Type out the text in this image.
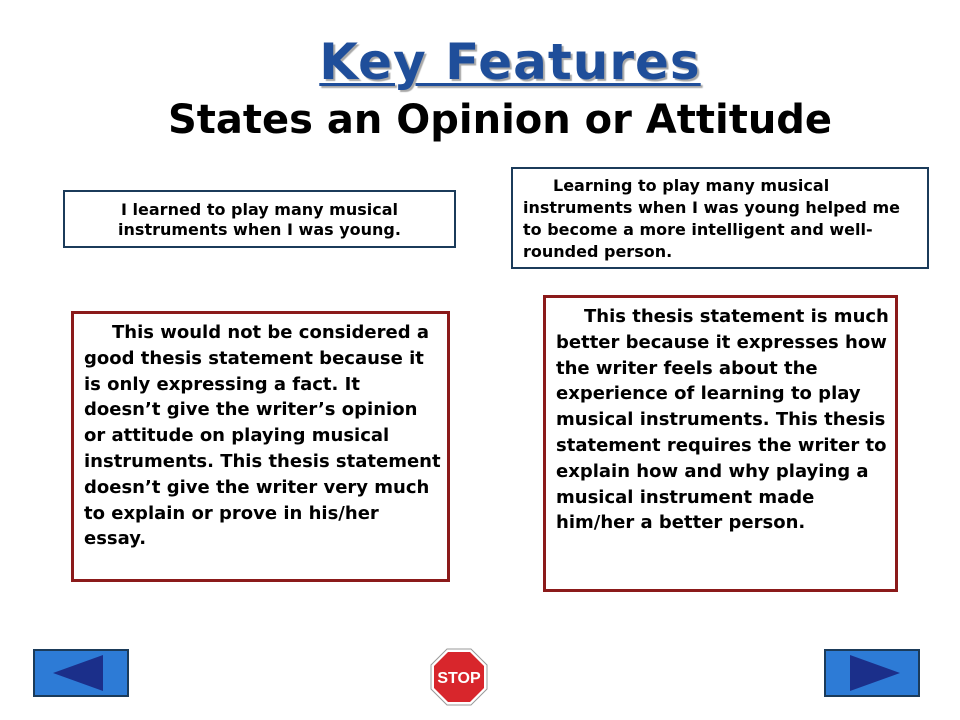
Key Features
States an Opinion or Attitude
I learned to play many musical instruments when I was young.
Learning to play many musical instruments when I was young helped me to become a more intelligent and well-rounded person.
This would not be considered a good thesis statement because it is only expressing a fact. It doesn’t give the writer’s opinion or attitude on playing musical instruments. This thesis statement doesn’t give the writer very much to explain or prove in his/her essay.
This thesis statement is much better because it expresses how the writer feels about the experience of learning to play musical instruments. This thesis statement requires the writer to explain how and why playing a musical instrument made him/her a better person.
STOP
